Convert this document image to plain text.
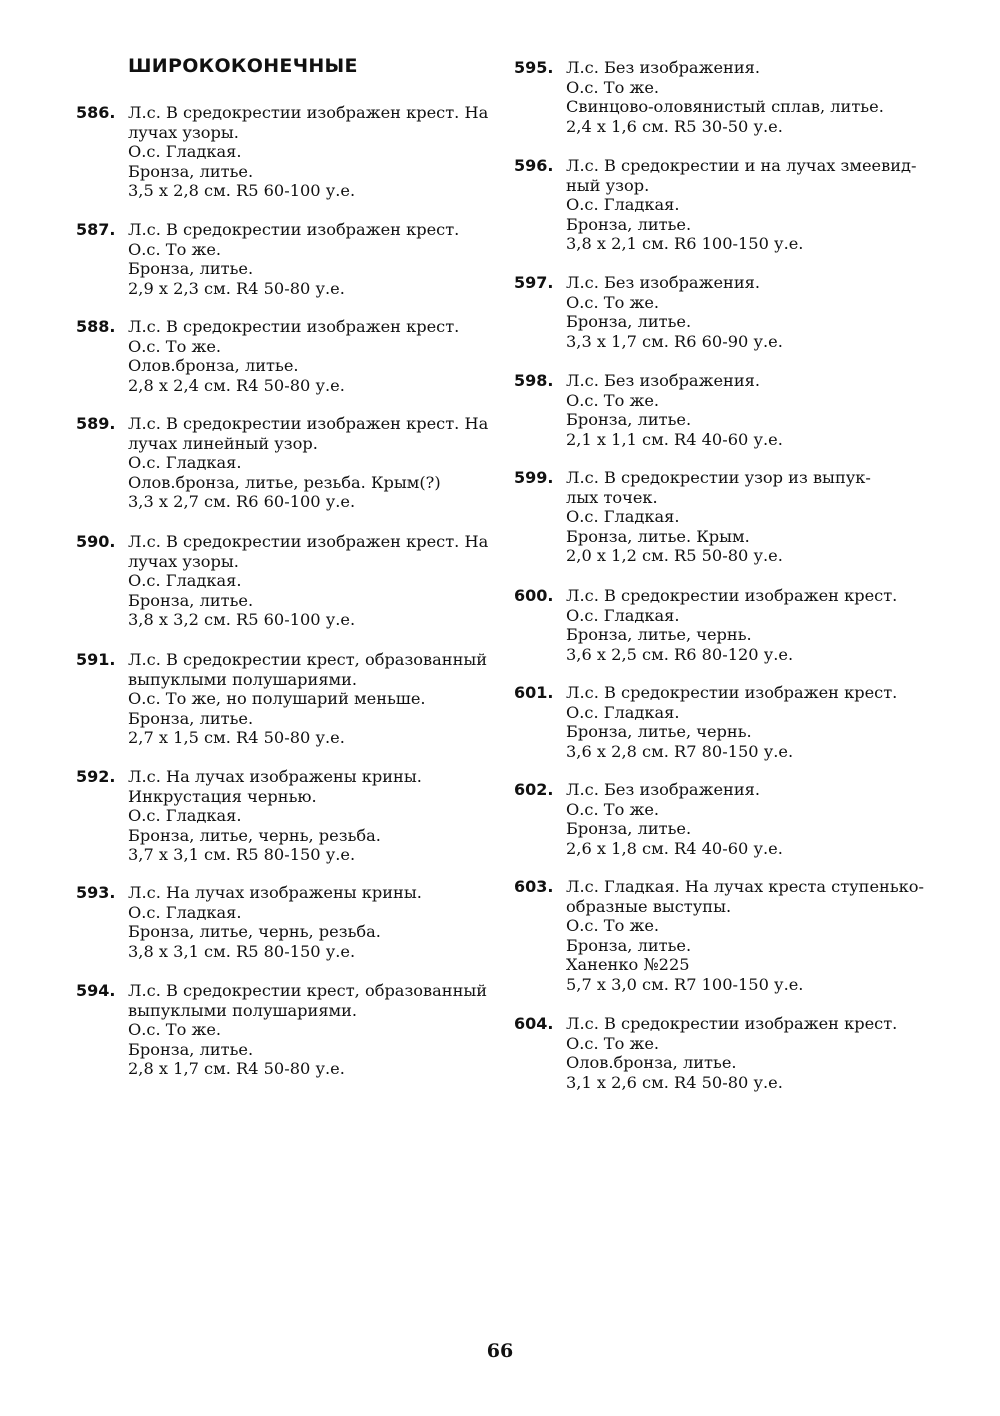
ШИРОКОКОНЕЧНЫЕ
586. Л.с. В средокрестии изображен крест. На
лучах узоры.
О.с. Гладкая.
Бронза, литье.
3,5 х 2,8 см. R5 60-100 у.е.
587. Л.с. В средокрестии изображен крест.
О.с. То же.
Бронза, литье.
2,9 х 2,3 см. R4 50-80 у.е.
588. Л.с. В средокрестии изображен крест.
О.с. То же.
Олов.бронза, литье.
2,8 х 2,4 см. R4 50-80 у.е.
589. Л.с. В средокрестии изображен крест. На
лучах линейный узор.
О.с. Гладкая.
Олов.бронза, литье, резьба. Крым(?)
3,3 х 2,7 см. R6 60-100 у.е.
590. Л.с. В средокрестии изображен крест. На
лучах узоры.
О.с. Гладкая.
Бронза, литье.
3,8 х 3,2 см. R5 60-100 у.е.
591. Л.с. В средокрестии крест, образованный
выпуклыми полушариями.
О.с. То же, но полушарий меньше.
Бронза, литье.
2,7 х 1,5 см. R4 50-80 у.е.
592. Л.с. На лучах изображены крины.
Инкрустация чернью.
О.с. Гладкая.
Бронза, литье, чернь, резьба.
3,7 х 3,1 см. R5 80-150 у.е.
593. Л.с. На лучах изображены крины.
О.с. Гладкая.
Бронза, литье, чернь, резьба.
3,8 х 3,1 см. R5 80-150 у.е.
594. Л.с. В средокрестии крест, образованный
выпуклыми полушариями.
О.с. То же.
Бронза, литье.
2,8 х 1,7 см. R4 50-80 у.е.
595. Л.с. Без изображения.
О.с. То же.
Свинцово-оловянистый сплав, литье.
2,4 х 1,6 см. R5 30-50 у.е.
596. Л.с. В средокрестии и на лучах змеевид-
ный узор.
О.с. Гладкая.
Бронза, литье.
3,8 х 2,1 см. R6 100-150 у.е.
597. Л.с. Без изображения.
О.с. То же.
Бронза, литье.
3,3 х 1,7 см. R6 60-90 у.е.
598. Л.с. Без изображения.
О.с. То же.
Бронза, литье.
2,1 х 1,1 см. R4 40-60 у.е.
599. Л.с. В средокрестии узор из выпук-
лых точек.
О.с. Гладкая.
Бронза, литье. Крым.
2,0 х 1,2 см. R5 50-80 у.е.
600. Л.с. В средокрестии изображен крест.
О.с. Гладкая.
Бронза, литье, чернь.
3,6 х 2,5 см. R6 80-120 у.е.
601. Л.с. В средокрестии изображен крест.
О.с. Гладкая.
Бронза, литье, чернь.
3,6 х 2,8 см. R7 80-150 у.е.
602. Л.с. Без изображения.
О.с. То же.
Бронза, литье.
2,6 х 1,8 см. R4 40-60 у.е.
603. Л.с. Гладкая. На лучах креста ступенько-
образные выступы.
О.с. То же.
Бронза, литье.
Ханенко №225
5,7 х 3,0 см. R7 100-150 у.е.
604. Л.с. В средокрестии изображен крест.
О.с. То же.
Олов.бронза, литье.
3,1 х 2,6 см. R4 50-80 у.е.
66
